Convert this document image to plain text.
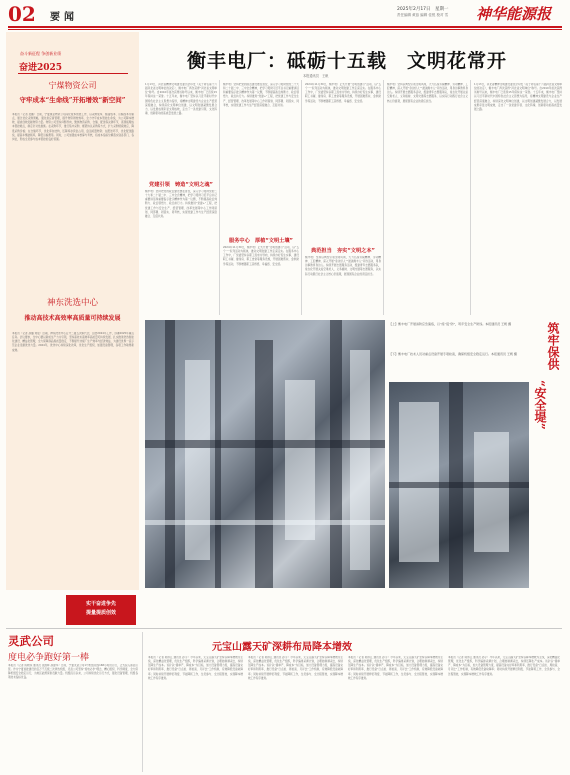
02 要闻
2025年2月17日　星期一
责任编辑 黄蕊 编辑 佳悦 校对 雪 神华能源报
奋斗新征程 争创新业绩
奋进2025
宁煤物资公司
守牢成本“生命线”开拓增效“新空间”
本报讯（记者 吴鹏）日前，宁夏煤业物资公司深化成本管控工作，以采购成本、储备成本、运输成本为重点，通过优化采购策略，强化供应商管理，提升物资周转效率，全力守牢成本管控生命线，为公司降本增效、提质创效贡献物资力量。物资公司坚持问题导向，聚焦物资采购、仓储、配送等关键环节，逐项梳理成本管控难点，制定针对性措施。在采购环节，推行集中采购、框架协议采购等方式，扩大采购规模效应，降低采购价格；在仓储环节，优化库存结构，压降库存资金占用，盘活闲置物资；在配送环节，优化配送路线，提高车辆装载率，降低运输费用。同时，公司加强成本核算与考核，将成本指标分解落实到各部门、各岗位，形成全员参与成本管控的良好氛围。
神东洗选中心
推动高技术高效率高质量可持续发展
本报讯（记者 孙璐 刘瑶）近期，神东洗选中心召开二届五次职代会，总结2024年工作，部署2025年重点任务。会议要求，全中心要以新质生产力为引领，坚持高技术高效率高质量可持续发展，扎实推进洗选智能化建设、精益化管理，全力保障商品煤质量稳定，不断提升选煤厂生产效率与经济效益，为建设世界一流示范企业贡献洗选力量。2024年，洗选中心持续深化改革，优化生产组织，加强设备管理，各项工作取得新成效。
实干奋进争先
提量提质创效
衡丰电厂：砥砺十五载　文明花常开
本报通讯员　王帆
1月13日，河北省精神文明建设委员会印发《关于命名第十六届河北省文明单位的决定》，衡丰电厂再次获得“河北省文明单位”称号。自2010年首次获得该称号以来，衡丰电厂已连续15年保持这一荣誉。十五年来，衡丰电厂坚持以习近平新时代中国特色社会主义思想为指导，将精神文明建设与企业生产经营深度融合，持续深化文明单位创建，以文明创建凝聚发展合力，以发展成果彰显文明成效，走出了一条党建引领、文化铸魂、创新驱动的高质量发展之路。
党建引领　铸造“文明之魂”
衡丰电厂坚持把党的政治建设摆在首位，深入学习贯彻党的二十大和二十届二中、三中全会精神，把学习贯彻习近平总书记重要讲话和重要指示批示精神作为第一议题，不断提高政治判断力、政治领悟力、政治执行力。持续推进“党建+”工程，把党建工作与安全生产、经营管理、改革发展等中心工作同谋划、同部署、同落实、同考核，实现党建工作与生产经营深度融合、互促共进。
衡丰电厂坚持把党的政治建设摆在首位，深入学习贯彻党的二十大和二十届二中、三中全会精神，把学习贯彻习近平总书记重要讲话和重要指示批示精神作为第一议题，不断提高政治判断力、政治领悟力、政治执行力。持续推进“党建+”工程，把党建工作与安全生产、经营管理、改革发展等中心工作同谋划、同部署、同落实、同考核，实现党建工作与生产经营深度融合、互促共进。
服务中心　厚植“文明土壤”
2024年11月30日，衡丰电厂正式开展“文明创建月”活动，以“五个一”系列活动为载体，推动文明创建工作走深走实。在服务中心工作中，厂党委坚持以职工需求为导向，持续办好民生实事，建设职工书屋、健身房、职工食堂等服务设施，开展困难帮扶、金秋助学等活动，不断增强职工获得感、幸福感、安全感。
2024年11月30日，衡丰电厂正式开展“文明创建月”活动，以“五个一”系列活动为载体，推动文明创建工作走深走实。在服务中心工作中，厂党委坚持以职工需求为导向，持续办好民生实事，建设职工书屋、健身房、职工食堂等服务设施，开展困难帮扶、金秋助学等活动，不断增强职工获得感、幸福感、安全感。
典范担当　夯实“文明之本”
衡丰电厂坚持以典型引领文明风尚，大力弘扬劳模精神、劳动精神、工匠精神，深入开展“身边好人”“最美衡丰人”评选活动，用身边事教育身边人。持续开展志愿服务活动，组建青年志愿服务队，常态化开展关爱空巢老人、义务植树、文明交通等志愿服务，以实际行动践行社会主义核心价值观，展现国有企业的责任担当。
衡丰电厂坚持以典型引领文明风尚，大力弘扬劳模精神、劳动精神、工匠精神，深入开展“身边好人”“最美衡丰人”评选活动，用身边事教育身边人。持续开展志愿服务活动，组建青年志愿服务队，常态化开展关爱空巢老人、义务植树、文明交通等志愿服务，以实际行动践行社会主义核心价值观，展现国有企业的责任担当。
1月13日，河北省精神文明建设委员会印发《关于命名第十六届河北省文明单位的决定》，衡丰电厂再次获得“河北省文明单位”称号。自2010年首次获得该称号以来，衡丰电厂已连续15年保持这一荣誉。十五年来，衡丰电厂坚持以习近平新时代中国特色社会主义思想为指导，将精神文明建设与企业生产经营深度融合，持续深化文明单位创建，以文明创建凝聚发展合力，以发展成果彰显文明成效，走出了一条党建引领、文化铸魂、创新驱动的高质量发展之路。
【上】衡丰电厂开展消防应急演练，以“练”促“防”，筑牢安全生产防线。本报通讯员 王帆 摄
【下】衡丰电厂技术人员对重点设备开展专项检查，确保机组安全稳定运行。本报通讯员 王帆 摄	筑牢保供
“安全堤”
灵武公司
度电必争跑好第一棒
本报讯（记者 陈晓东 通讯员 张国辉 孙建华）日前，宁夏灵武公司1号机组完成168小时试运行，正式投入商业运营。作为宁夏首批建设的百万千瓦级二次再热机组，灵武公司坚持“度电必争”理念，精心组织、科学调度，全力保障机组安全稳定运行，为地区能源保供贡献力量。机组投运以来，公司持续优化运行方式，强化设备管理，机组各项技术指标优良。
元宝山露天矿深耕布局降本增效
本报讯（记者 郭伟江 通讯员 孙宇）今年以来，元宝山露天矿坚持以降本增效为主线，深化精益化管理，优化生产组织，科学编排采剥计划，合理控制剥采比，持续压降生产成本。该矿以“提单产、降成本”为目标，加大设备管理力度，提高设备完好率和利用率，推行设备“日点检、周检查、月评比”工作机制，有效降低设备故障率；同时持续开展修旧利废、节能降耗工作，全员参与、全过程管控，实现降本增效工作有序推进。
本报讯（记者 郭伟江 通讯员 孙宇）今年以来，元宝山露天矿坚持以降本增效为主线，深化精益化管理，优化生产组织，科学编排采剥计划，合理控制剥采比，持续压降生产成本。该矿以“提单产、降成本”为目标，加大设备管理力度，提高设备完好率和利用率，推行设备“日点检、周检查、月评比”工作机制，有效降低设备故障率；同时持续开展修旧利废、节能降耗工作，全员参与、全过程管控，实现降本增效工作有序推进。
本报讯（记者 郭伟江 通讯员 孙宇）今年以来，元宝山露天矿坚持以降本增效为主线，深化精益化管理，优化生产组织，科学编排采剥计划，合理控制剥采比，持续压降生产成本。该矿以“提单产、降成本”为目标，加大设备管理力度，提高设备完好率和利用率，推行设备“日点检、周检查、月评比”工作机制，有效降低设备故障率；同时持续开展修旧利废、节能降耗工作，全员参与、全过程管控，实现降本增效工作有序推进。
本报讯（记者 郭伟江 通讯员 孙宇）今年以来，元宝山露天矿坚持以降本增效为主线，深化精益化管理，优化生产组织，科学编排采剥计划，合理控制剥采比，持续压降生产成本。该矿以“提单产、降成本”为目标，加大设备管理力度，提高设备完好率和利用率，推行设备“日点检、周检查、月评比”工作机制，有效降低设备故障率；同时持续开展修旧利废、节能降耗工作，全员参与、全过程管控，实现降本增效工作有序推进。
